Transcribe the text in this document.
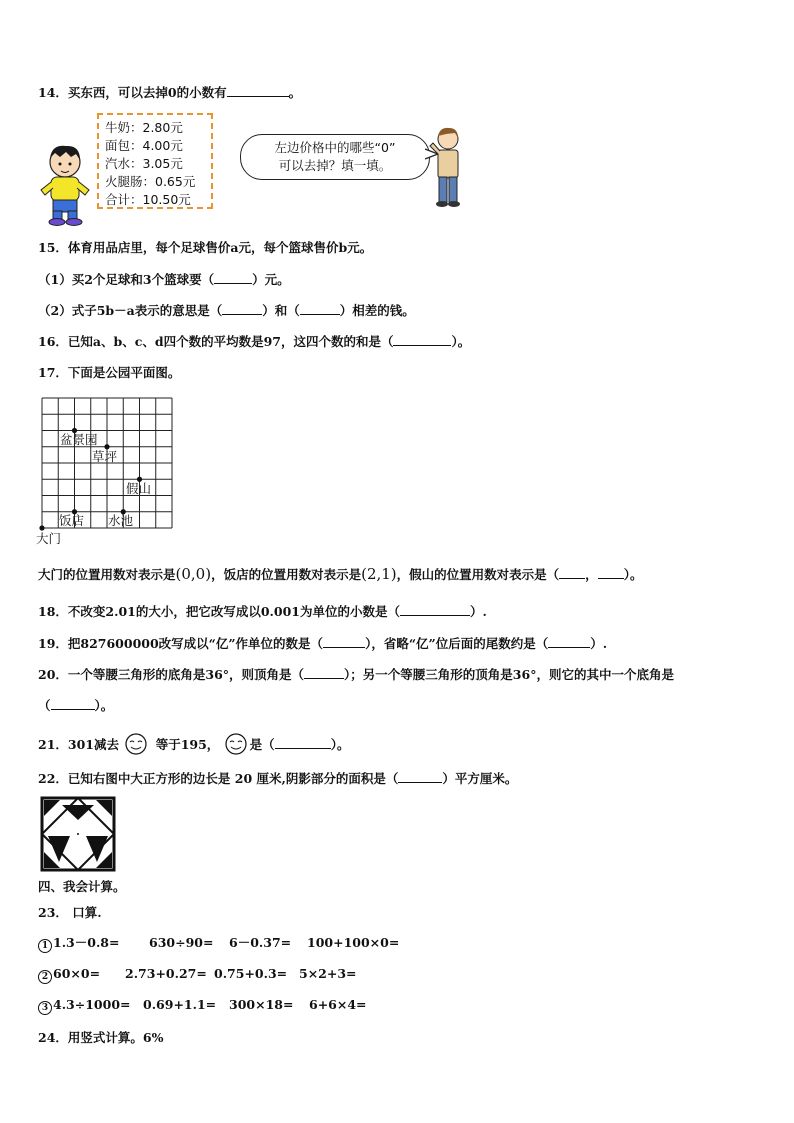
14．买东西，可以去掉0的小数有	。
牛奶：2.80元
面包：4.00元
汽水：3.05元
火腿肠：0.65元
合计：10.50元
左边价格中的哪些“0”
可以去掉？填一填。
15．体育用品店里，每个足球售价a元，每个篮球售价b元。
（1）买2个足球和3个篮球要（	）元。
（2）式子5b－a表示的意思是（	）和（	）相差的钱。
16．已知a、b、c、d四个数的平均数是97，这四个数的和是（	）。
17．下面是公园平面图。
盆景园
草坪
假山
饭店 水池
大门
大门的位置用数对表示是(0,0)，饭店的位置用数对表示是(2,1)，假山的位置用数对表示是（ ， ）。
18．不改变2.01的大小，把它改写成以0.001为单位的小数是（	）.
19．把827600000改写成以“亿”作单位的数是（	），省略“亿”位后面的尾数约是（	）.
20．一个等腰三角形的底角是36°，则顶角是（	）；另一个等腰三角形的顶角是36°，则它的其中一个底角是
（	）。
21．301减去	等于195， 是（	）。
22．已知右图中大正方形的边长是 20 厘米,阴影部分的面积是（	）平方厘米。
四、我会计算。
23． 口算.
1 1.3－0.8= 630÷90= 6－0.37= 100+100×0=
2 60×0= 2.73+0.27= 0.75+0.3= 5×2+3=
3 4.3÷1000= 0.69+1.1= 300×18= 6+6×4=
24．用竖式计算。6%
